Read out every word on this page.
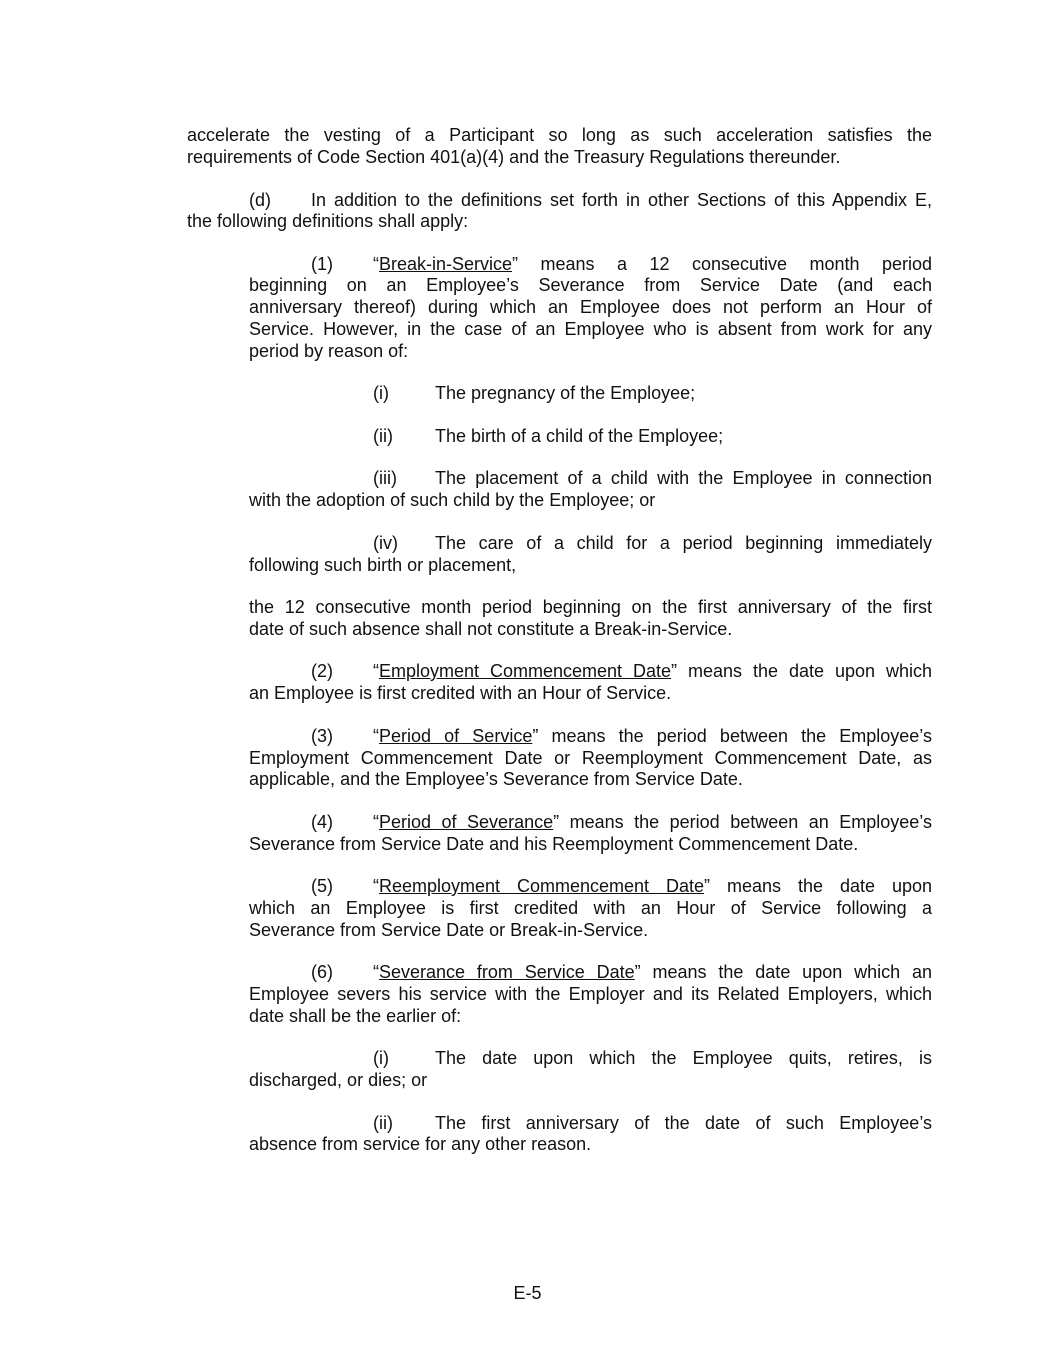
accelerate the vesting of a Participant so long as such acceleration satisfies the
requirements of Code Section 401(a)(4) and the Treasury Regulations thereunder.
(d) In addition to the definitions set forth in other Sections of this Appendix E,
the following definitions shall apply:
(1) “Break-in-Service” means a 12 consecutive month period
beginning on an Employee’s Severance from Service Date (and each
anniversary thereof) during which an Employee does not perform an Hour of
Service. However, in the case of an Employee who is absent from work for any
period by reason of:
(i)	The pregnancy of the Employee;
(ii) The birth of a child of the Employee;
(iii) The placement of a child with the Employee in connection
with the adoption of such child by the Employee; or
(iv) The care of a child for a period beginning immediately
following such birth or placement,
the 12 consecutive month period beginning on the first anniversary of the first
date of such absence shall not constitute a Break-in-Service.
(2) “Employment Commencement Date” means the date upon which
an Employee is first credited with an Hour of Service.
(3) “Period of Service” means the period between the Employee’s
Employment Commencement Date or Reemployment Commencement Date, as
applicable, and the Employee’s Severance from Service Date.
(4) “Period of Severance” means the period between an Employee’s
Severance from Service Date and his Reemployment Commencement Date.
(5) “Reemployment Commencement Date” means the date upon
which an Employee is first credited with an Hour of Service following a
Severance from Service Date or Break-in-Service.
(6) “Severance from Service Date” means the date upon which an
Employee severs his service with the Employer and its Related Employers, which
date shall be the earlier of:
(i)	The date upon which the Employee quits, retires, is
discharged, or dies; or
(ii) The first anniversary of the date of such Employee’s
absence from service for any other reason.
E-5
